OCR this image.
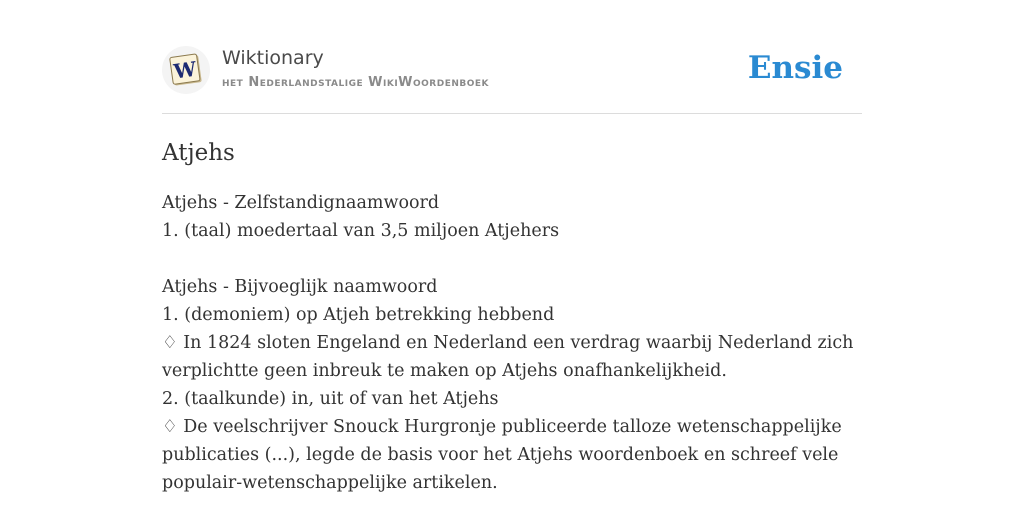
W Wiktionary
het Nederlandstalige WikiWoordenboek	Ensie
Atjehs

Atjehs - Zelfstandignaamwoord

1. (taal) moedertaal van 3,5 miljoen Atjehers

Atjehs - Bijvoeglijk naamwoord

1. (demoniem) op Atjeh betrekking hebbend

♢ In 1824 sloten Engeland en Nederland een verdrag waarbij Nederland zich verplichtte geen inbreuk te maken op Atjehs onafhankelijkheid.

2. (taalkunde) in, uit of van het Atjehs

♢ De veelschrijver Snouck Hurgronje publiceerde talloze wetenschappelijke publicaties (...), legde de basis voor het Atjehs woordenboek en schreef vele populair-wetenschappelijke artikelen.
